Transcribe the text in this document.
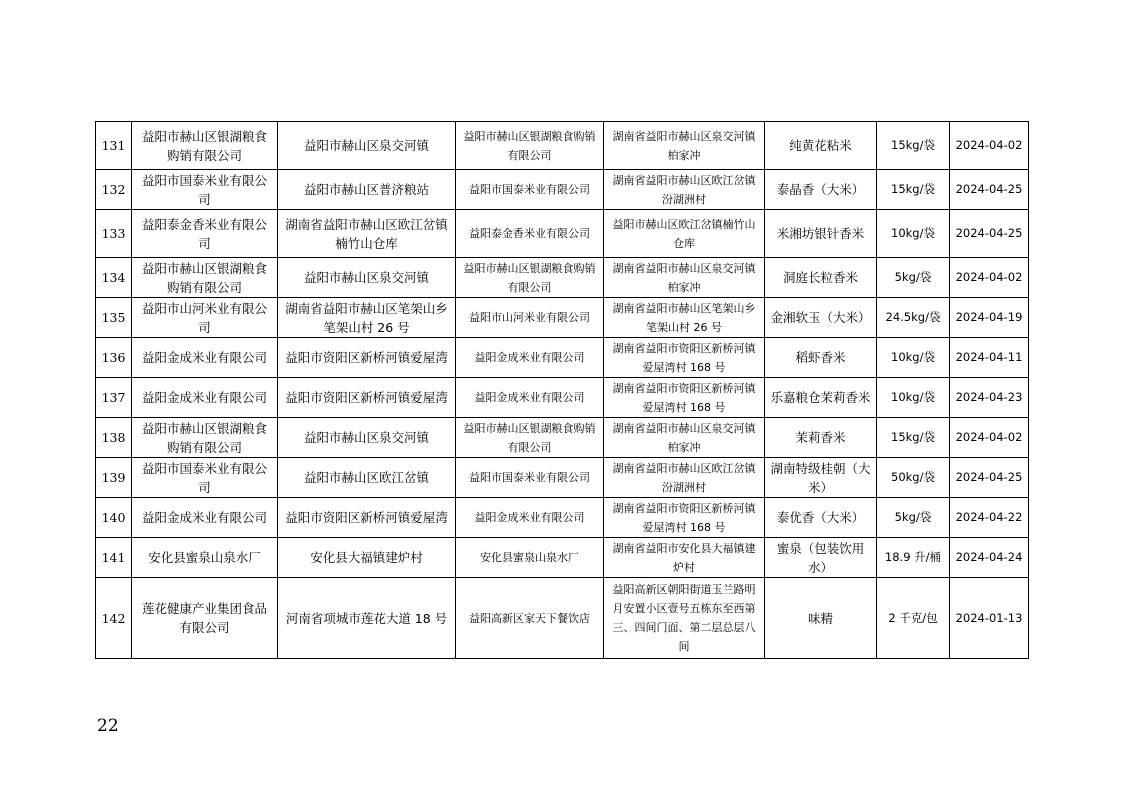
131	益阳市赫山区银湖粮食购销有限公司	益阳市赫山区泉交河镇	益阳市赫山区银湖粮食购销有限公司	湖南省益阳市赫山区泉交河镇柏家冲	纯黄花粘米	15kg/袋	2024-04-02
132	益阳市国泰米业有限公司	益阳市赫山区普济粮站	益阳市国泰米业有限公司	湖南省益阳市赫山区欧江岔镇汾湖洲村	泰晶香（大米）	15kg/袋	2024-04-25
133	益阳泰金香米业有限公司	湖南省益阳市赫山区欧江岔镇楠竹山仓库	益阳泰金香米业有限公司	益阳市赫山区欧江岔镇楠竹山仓库	米湘坊银针香米	10kg/袋	2024-04-25
134	益阳市赫山区银湖粮食购销有限公司	益阳市赫山区泉交河镇	益阳市赫山区银湖粮食购销有限公司	湖南省益阳市赫山区泉交河镇柏家冲	洞庭长粒香米	5kg/袋	2024-04-02
135	益阳市山河米业有限公司	湖南省益阳市赫山区笔架山乡笔架山村 26 号	益阳市山河米业有限公司	湖南省益阳市赫山区笔架山乡笔架山村 26 号	金湘软玉（大米）	24.5kg/袋	2024-04-19
136	益阳金成米业有限公司	益阳市资阳区新桥河镇爱屋湾	益阳金成米业有限公司	湖南省益阳市资阳区新桥河镇爱屋湾村 168 号	稻虾香米	10kg/袋	2024-04-11
137	益阳金成米业有限公司	益阳市资阳区新桥河镇爱屋湾	益阳金成米业有限公司	湖南省益阳市资阳区新桥河镇爱屋湾村 168 号	乐嘉粮仓茉莉香米	10kg/袋	2024-04-23
138	益阳市赫山区银湖粮食购销有限公司	益阳市赫山区泉交河镇	益阳市赫山区银湖粮食购销有限公司	湖南省益阳市赫山区泉交河镇柏家冲	茉莉香米	15kg/袋	2024-04-02
139	益阳市国泰米业有限公司	益阳市赫山区欧江岔镇	益阳市国泰米业有限公司	湖南省益阳市赫山区欧江岔镇汾湖洲村	湖南特级桂朝（大米）	50kg/袋	2024-04-25
140	益阳金成米业有限公司	益阳市资阳区新桥河镇爱屋湾	益阳金成米业有限公司	湖南省益阳市资阳区新桥河镇爱屋湾村 168 号	泰优香（大米）	5kg/袋	2024-04-22
141	安化县蜜泉山泉水厂	安化县大福镇建炉村	安化县蜜泉山泉水厂	湖南省益阳市安化县大福镇建炉村	蜜泉（包装饮用水）	18.9 升/桶	2024-04-24
142	莲花健康产业集团食品有限公司	河南省项城市莲花大道 18 号	益阳高新区家天下餐饮店	益阳高新区朝阳街道玉兰路明月安置小区壹号五栋东至西第三、四间门面、第二层总层八间	味精	2 千克/包	2024-01-13
22
